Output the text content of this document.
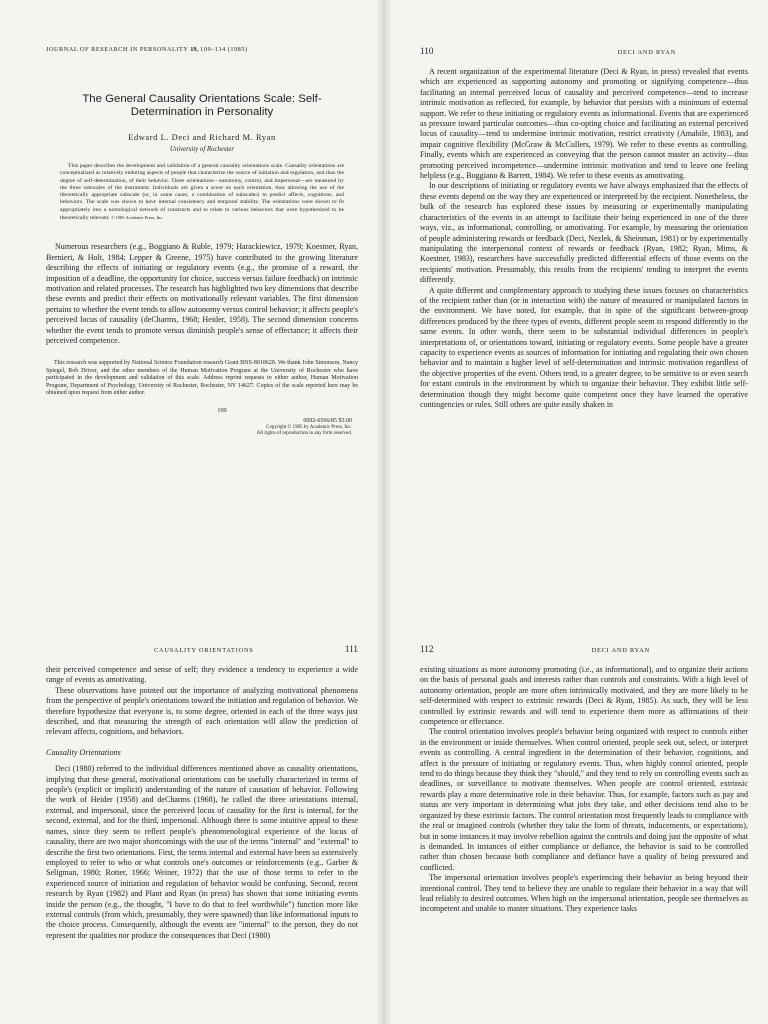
JOURNAL OF RESEARCH IN PERSONALITY 19, 109–134 (1985)
The General Causality Orientations Scale: Self-Determination in Personality
Edward L. Deci and Richard M. Ryan
University of Rochester
This paper describes the development and validation of a general causality orientations scale. Causality orientations are conceptualized as relatively enduring aspects of people that characterize the source of initiation and regulation, and thus the degree of self-determination, of their behavior. Three orientations—autonomy, control, and impersonal—are measured by the three subscales of the instrument. Individuals are given a score on each orientation, thus allowing the use of the theoretically appropriate subscale (or, in some cases, a combination of subscales) to predict affects, cognitions, and behaviors. The scale was shown to have internal consistency and temporal stability. The orientations were shown to fit appropriately into a nomological network of constructs and to relate to various behaviors that were hypothesized to be theoretically relevant. © 1985 Academic Press, Inc.

Numerous researchers (e.g., Boggiano & Ruble, 1979; Harackiewicz, 1979; Koestner, Ryan, Bernieri, & Holt, 1984; Lepper & Greene, 1975) have contributed to the growing literature describing the effects of initiating or regulatory events (e.g., the promise of a reward, the imposition of a deadline, the opportunity for choice, success versus failure feedback) on intrinsic motivation and related processes. The research has highlighted two key dimensions that describe these events and predict their effects on motivationally relevant variables. The first dimension pertains to whether the event tends to allow autonomy versus control behavior; it affects people's perceived locus of causality (deCharms, 1968; Heider, 1958). The second dimension concerns whether the event tends to promote versus diminish people's sense of effectance; it affects their perceived competence.

This research was supported by National Science Foundation research Grant BNS-8018628. We thank John Simonson, Nancy Spiegel, Rob Driver, and the other members of the Human Motivation Program at the University of Rochester who have participated in the development and validation of this scale. Address reprint requests to either author, Human Motivation Program, Department of Psychology, University of Rochester, Rochester, NY 14627. Copies of the scale reported here may be obtained upon request from either author.
109
0092-6566/85 $3.00
Copyright © 1985 by Academic Press, Inc.
All rights of reproduction in any form reserved.
110	DECI AND RYAN

A recent organization of the experimental literature (Deci & Ryan, in press) revealed that events which are experienced as supporting autonomy and promoting or signifying competence—thus facilitating an internal perceived locus of causality and perceived competence—tend to increase intrinsic motivation as reflected, for example, by behavior that persists with a minimum of external support. We refer to these initiating or regulatory events as informational. Events that are experienced as pressure toward particular outcomes—thus co-opting choice and facilitating an external perceived locus of causality—tend to undermine intrinsic motivation, restrict creativity (Amabile, 1983), and impair cognitive flexibility (McGraw & McCullers, 1979). We refer to these events as controlling. Finally, events which are experienced as conveying that the person cannot master an activity—thus promoting perceived incompetence—undermine intrinsic motivation and tend to leave one feeling helpless (e.g., Boggiano & Barrett, 1984). We refer to these events as amotivating.

In our descriptions of initiating or regulatory events we have always emphasized that the effects of these events depend on the way they are experienced or interpreted by the recipient. Nonetheless, the bulk of the research has explored these issues by measuring or experimentally manipulating characteristics of the events in an attempt to facilitate their being experienced in one of the three ways, viz., as informational, controlling, or amotivating. For example, by measuring the orientation of people administering rewards or feedback (Deci, Nezlek, & Sheinman, 1981) or by experimentally manipulating the interpersonal context of rewards or feedback (Ryan, 1982; Ryan, Mims, & Koestner, 1983), researchers have successfully predicted differential effects of those events on the recipients' motivation. Presumably, this results from the recipients' tending to interpret the events differently.

A quite different and complementary approach to studying these issues focuses on characteristics of the recipient rather than (or in interaction with) the nature of measured or manipulated factors in the environment. We have noted, for example, that in spite of the significant between-group differences produced by the three types of events, different people seem to respond differently to the same events. In other words, there seem to be substantial individual differences in people's interpretations of, or orientations toward, initiating or regulatory events. Some people have a greater capacity to experience events as sources of information for initiating and regulating their own chosen behavior and to maintain a higher level of self-determination and intrinsic motivation regardless of the objective properties of the event. Others tend, to a greater degree, to be sensitive to or even search for extant controls in the environment by which to organize their behavior. They exhibit little self-determination though they might become quite competent once they have learned the operative contingencies or rules. Still others are quite easily shaken in

CAUSALITY ORIENTATIONS	111

their perceived competence and sense of self; they evidence a tendency to experience a wide range of events as amotivating.

These observations have pointed out the importance of analyzing motivational phenomena from the perspective of people's orientations toward the initiation and regulation of behavior. We therefore hypothesize that everyone is, to some degree, oriented in each of the three ways just described, and that measuring the strength of each orientation will allow the prediction of relevant affects, cognitions, and behaviors.

Causality Orientations

Deci (1980) referred to the individual differences mentioned above as causality orientations, implying that these general, motivational orientations can be usefully characterized in terms of people's (explicit or implicit) understanding of the nature of causation of behavior. Following the work of Heider (1958) and deCharms (1968), he called the three orientations internal, external, and impersonal, since the perceived locus of causality for the first is internal, for the second, external, and for the third, impersonal. Although there is some intuitive appeal to these names, since they seem to reflect people's phenomenological experience of the locus of causality, there are two major shortcomings with the use of the terms "internal" and "external" to describe the first two orientations. First, the terms internal and external have been so extensively employed to refer to who or what controls one's outcomes or reinforcements (e.g., Garber & Seligman, 1980; Rotter, 1966; Weiner, 1972) that the use of those terms to refer to the experienced source of initiation and regulation of behavior would be confusing. Second, recent research by Ryan (1982) and Plant and Ryan (in press) has shown that some initiating events inside the person (e.g., the thought, "I have to do that to feel worthwhile") function more like external controls (from which, presumably, they were spawned) than like informational inputs to the choice process. Consequently, although the events are "internal" to the person, they do not represent the qualities nor produce the consequences that Deci (1980)

112	DECI AND RYAN

existing situations as more autonomy promoting (i.e., as informational), and to organize their actions on the basis of personal goals and interests rather than controls and constraints. With a high level of autonomy orientation, people are more often intrinsically motivated, and they are more likely to be self-determined with respect to extrinsic rewards (Deci & Ryan, 1985). As such, they will be less controlled by extrinsic rewards and will tend to experience them more as affirmations of their competence or effectance.

The control orientation involves people's behavior being organized with respect to controls either in the environment or inside themselves. When control oriented, people seek out, select, or interpret events as controlling. A central ingredient in the determination of their behavior, cognitions, and affect is the pressure of initiating or regulatory events. Thus, when highly control oriented, people tend to do things because they think they "should," and they tend to rely on controlling events such as deadlines, or surveillance to motivate themselves. When people are control oriented, extrinsic rewards play a more determinative role in their behavior. Thus, for example, factors such as pay and status are very important in determining what jobs they take, and other decisions tend also to be organized by these extrinsic factors. The control orientation most frequently leads to compliance with the real or imagined controls (whether they take the form of threats, inducements, or expectations), but in some instances it may involve rebellion against the controls and doing just the opposite of what is demanded. In instances of either compliance or defiance, the behavior is said to be controlled rather than chosen because both compliance and defiance have a quality of being pressured and conflicted.

The impersonal orientation involves people's experiencing their behavior as being beyond their intentional control. They tend to believe they are unable to regulate their behavior in a way that will lead reliably to desired outcomes. When high on the impersonal orientation, people see themselves as incompetent and unable to master situations. They experience tasks
